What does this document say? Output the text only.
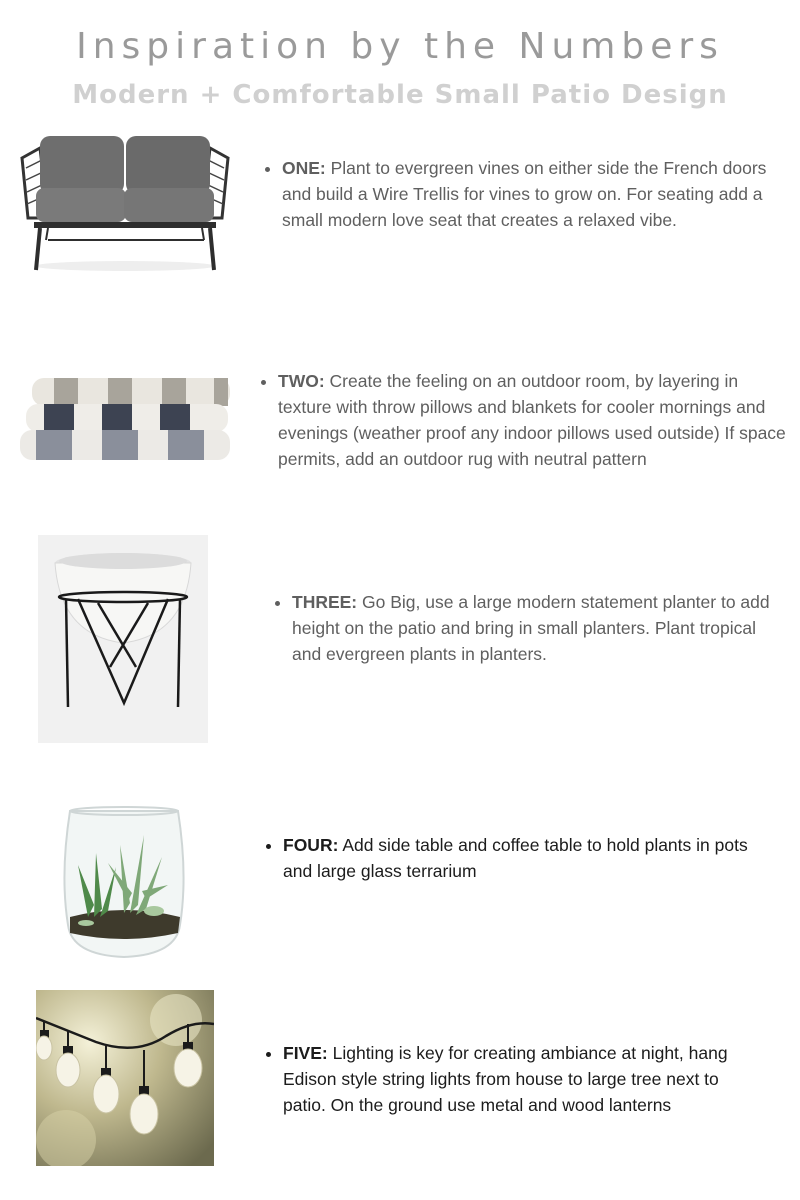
Inspiration by the Numbers
Modern + Comfortable Small Patio Design
• ONE: Plant to evergreen vines on either side the French doors and build a Wire Trellis for vines to grow on. For seating add a small modern love seat that creates a relaxed vibe.
• TWO: Create the feeling on an outdoor room, by layering in texture with throw pillows and blankets for cooler mornings and evenings (weather proof any indoor pillows used outside) If space permits, add an outdoor rug with neutral pattern
• THREE: Go Big, use a large modern statement planter to add height on the patio and bring in small planters. Plant tropical and evergreen plants in planters.
• FOUR: Add side table and coffee table to hold plants in pots and large glass terrarium
• FIVE: Lighting is key for creating ambiance at night, hang Edison style string lights from house to large tree next to patio. On the ground use metal and wood lanterns
